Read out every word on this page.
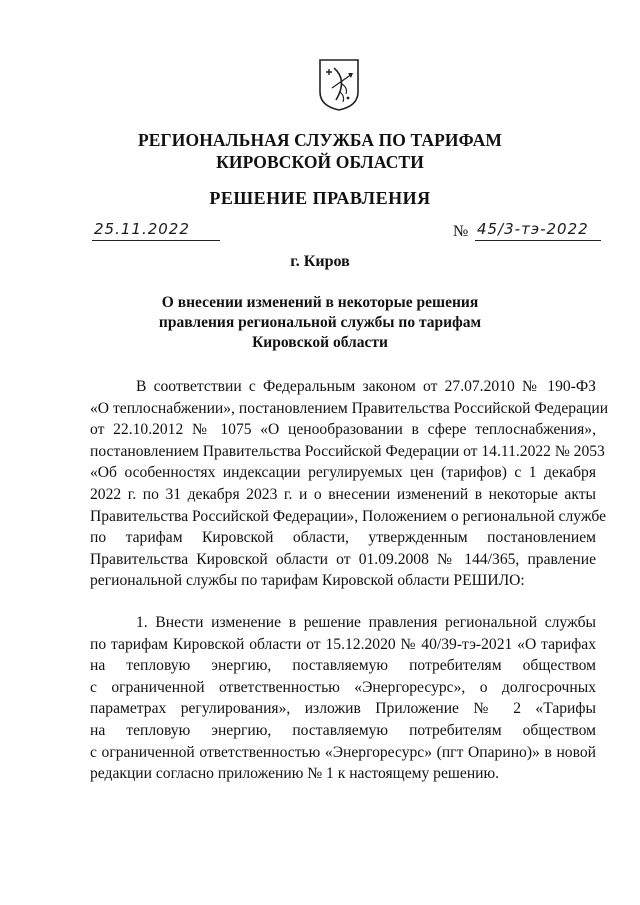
РЕГИОНАЛЬНАЯ СЛУЖБА ПО ТАРИФАМ
КИРОВСКОЙ ОБЛАСТИ
РЕШЕНИЕ ПРАВЛЕНИЯ
25.11.2022	№ 45/3-тэ-2022
г. Киров
О внесении изменений в некоторые решения
правления региональной службы по тарифам
Кировской области
В соответствии с Федеральным законом от 27.07.2010 № 190-ФЗ
«О теплоснабжении», постановлением Правительства Российской Федерации
от 22.10.2012 № 1075 «О ценообразовании в сфере теплоснабжения»,
постановлением Правительства Российской Федерации от 14.11.2022 № 2053
«Об особенностях индексации регулируемых цен (тарифов) с 1 декабря
2022 г. по 31 декабря 2023 г. и о внесении изменений в некоторые акты
Правительства Российской Федерации», Положением о региональной службе
по тарифам Кировской области, утвержденным постановлением
Правительства Кировской области от 01.09.2008 № 144/365, правление
региональной службы по тарифам Кировской области РЕШИЛО:
1. Внести изменение в решение правления региональной службы
по тарифам Кировской области от 15.12.2020 № 40/39-тэ-2021 «О тарифах
на тепловую энергию, поставляемую потребителям обществом
с ограниченной ответственностью «Энергоресурс», о долгосрочных
параметрах регулирования», изложив Приложение № 2 «Тарифы
на тепловую энергию, поставляемую потребителям обществом
с ограниченной ответственностью «Энергоресурс» (пгт Опарино)» в новой
редакции согласно приложению № 1 к настоящему решению.
